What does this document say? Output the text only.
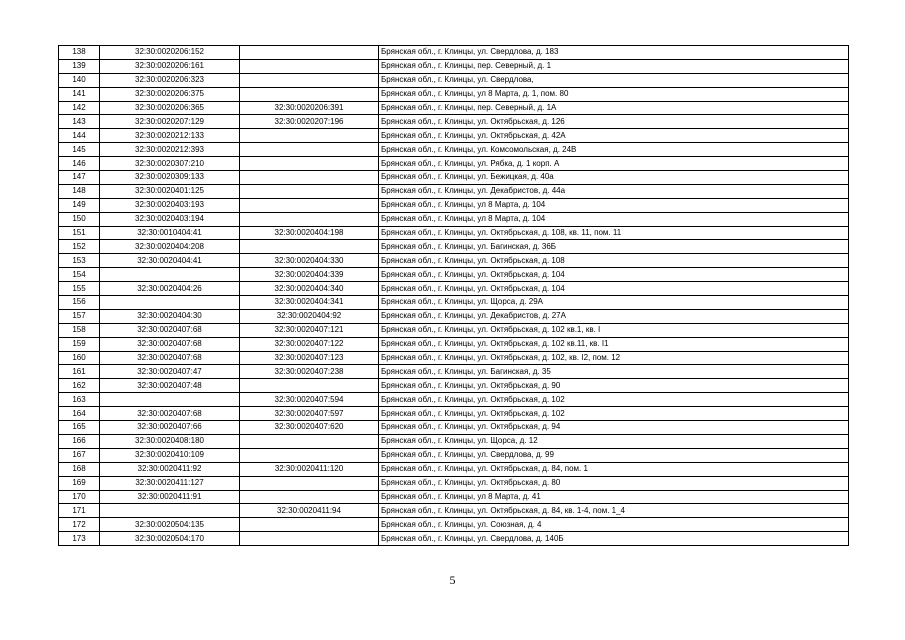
138	32:30:0020206:152		Брянская обл., г. Клинцы, ул. Свердлова, д. 183
139	32:30:0020206:161		Брянская обл., г. Клинцы, пер. Северный, д. 1
140	32:30:0020206:323		Брянская обл., г. Клинцы, ул. Свердлова,
141	32:30:0020206:375		Брянская обл., г. Клинцы, ул 8 Марта, д. 1, пом. 80
142	32:30:0020206:365	32:30:0020206:391	Брянская обл., г. Клинцы, пер. Северный, д. 1А
143	32:30:0020207:129	32:30:0020207:196	Брянская обл., г. Клинцы, ул. Октябрьская, д. 126
144	32:30:0020212:133		Брянская обл., г. Клинцы, ул. Октябрьская, д. 42А
145	32:30:0020212:393		Брянская обл., г. Клинцы, ул. Комсомольская, д. 24В
146	32:30:0020307:210		Брянская обл., г. Клинцы, ул. Рябка, д. 1 корп. А
147	32:30:0020309:133		Брянская обл., г. Клинцы, ул. Бежицкая, д. 40а
148	32:30:0020401:125		Брянская обл., г. Клинцы, ул. Декабристов, д. 44а
149	32:30:0020403:193		Брянская обл., г. Клинцы, ул 8 Марта, д. 104
150	32:30:0020403:194		Брянская обл., г. Клинцы, ул 8 Марта, д. 104
151	32:30:0010404:41	32:30:0020404:198	Брянская обл., г. Клинцы, ул. Октябрьская, д. 108, кв. 11, пом. 11
152	32:30:0020404:208		Брянская обл., г. Клинцы, ул. Багинская, д. 36Б
153	32:30:0020404:41	32:30:0020404:330	Брянская обл., г. Клинцы, ул. Октябрьская, д. 108
154		32:30:0020404:339	Брянская обл., г. Клинцы, ул. Октябрьская, д. 104
155	32:30:0020404:26	32:30:0020404:340	Брянская обл., г. Клинцы, ул. Октябрьская, д. 104
156		32:30:0020404:341	Брянская обл., г. Клинцы, ул. Щорса, д. 29А
157	32:30:0020404:30	32:30:0020404:92	Брянская обл., г. Клинцы, ул. Декабристов, д. 27А
158	32:30:0020407:68	32:30:0020407:121	Брянская обл., г. Клинцы, ул. Октябрьская, д. 102 кв.1, кв. I
159	32:30:0020407:68	32:30:0020407:122	Брянская обл., г. Клинцы, ул. Октябрьская, д. 102 кв.11, кв. I1
160	32:30:0020407:68	32:30:0020407:123	Брянская обл., г. Клинцы, ул. Октябрьская, д. 102, кв. I2, пом. 12
161	32:30:0020407:47	32:30:0020407:238	Брянская обл., г. Клинцы, ул. Багинская, д. 35
162	32:30:0020407:48		Брянская обл., г. Клинцы, ул. Октябрьская, д. 90
163		32:30:0020407:594	Брянская обл., г. Клинцы, ул. Октябрьская, д. 102
164	32:30:0020407:68	32:30:0020407:597	Брянская обл., г. Клинцы, ул. Октябрьская, д. 102
165	32:30:0020407:66	32:30:0020407:620	Брянская обл., г. Клинцы, ул. Октябрьская, д. 94
166	32:30:0020408:180		Брянская обл., г. Клинцы, ул. Щорса, д. 12
167	32:30:0020410:109		Брянская обл., г. Клинцы, ул. Свердлова, д. 99
168	32:30:0020411:92	32:30:0020411:120	Брянская обл., г. Клинцы, ул. Октябрьская, д. 84, пом. 1
169	32:30:0020411:127		Брянская обл., г. Клинцы, ул. Октябрьская, д. 80
170	32:30:0020411:91		Брянская обл., г. Клинцы, ул 8 Марта, д. 41
171		32:30:0020411:94	Брянская обл., г. Клинцы, ул. Октябрьская, д. 84, кв. 1-4, пом. 1_4
172	32:30:0020504:135		Брянская обл., г. Клинцы, ул. Союзная, д. 4
173	32:30:0020504:170		Брянская обл., г. Клинцы, ул. Свердлова, д. 140Б
5
